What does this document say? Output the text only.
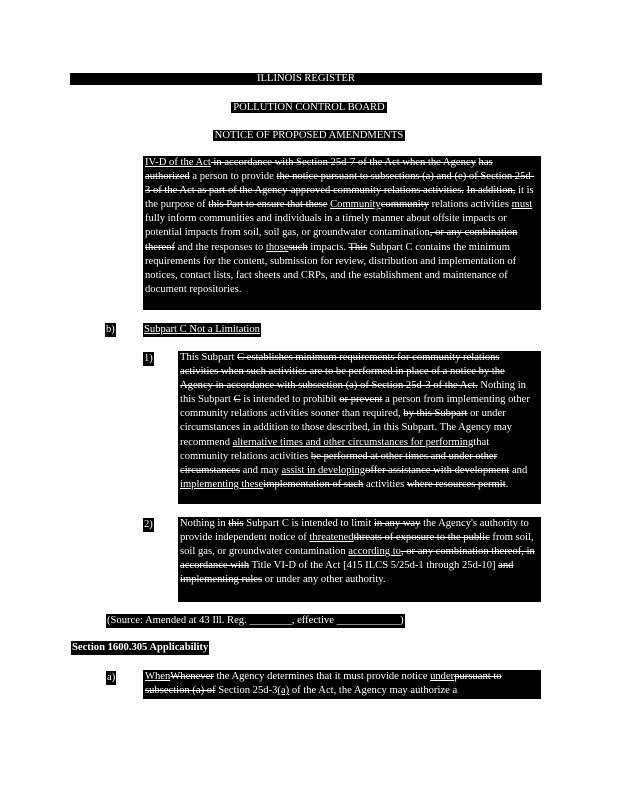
ILLINOIS REGISTER
POLLUTION CONTROL BOARD
NOTICE OF PROPOSED AMENDMENTS

IV-D of the Act in accordance with Section 25d-7 of the Act when the Agency has authorized a person to provide the notice pursuant to subsections (a) and (e) of Section 25d-3 of the Act as part of the Agency-approved community relations activities. In addition, it is the purpose of this Part to ensure that these Communitycommunity relations activities must fully inform communities and individuals in a timely manner about offsite impacts or potential impacts from soil, soil gas, or groundwater contamination, or any combination thereof and the responses to thosesuch impacts. This Subpart C contains the minimum requirements for the content, submission for review, distribution and implementation of notices, contact lists, fact sheets and CRPs, and the establishment and maintenance of document repositories.

b)	Subpart C Not a Limitation
1)	This Subpart C establishes minimum requirements for community relations activities when such activities are to be performed in place of a notice by the Agency in accordance with subsection (a) of Section 25d-3 of the Act. Nothing in this Subpart C is intended to prohibit or prevent a person from implementing other community relations activities sooner than required, by this Subpart or under circumstances in addition to those described, in this Subpart. The Agency may recommend alternative times and other circumstances for performingthat community relations activities be performed at other times and under other circumstances and may assist in developingoffer assistance with development and implementing theseimplementation of such activities where resources permit.

2)	Nothing in this Subpart C is intended to limit in any way the Agency's authority to provide independent notice of threatenedthreats of exposure to the public from soil, soil gas, or groundwater contamination according to, or any combination thereof, in accordance with Title VI-D of the Act [415 ILCS 5/25d-1 through 25d-10] and implementing rules or under any other authority.

(Source: Amended at 43 Ill. Reg. ________, effective ____________)
Section 1600.305 Applicability
a)	WhenWhenever the Agency determines that it must provide notice underpursuant to subsection (a) of Section 25d-3(a) of the Act, the Agency may authorize a
